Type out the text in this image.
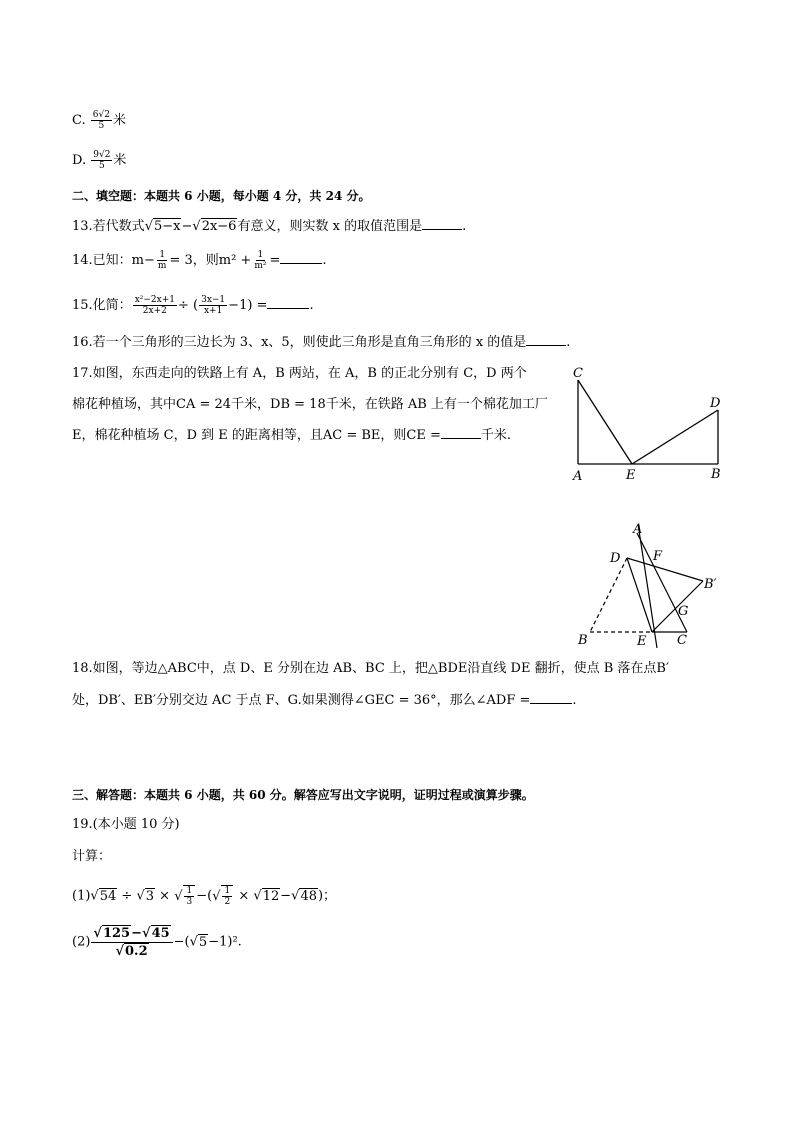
C. $\frac{6√2}{5}$ 米
D. $\frac{9√2}{5}$ 米
二、填空题：本题共 6 小题，每小题 4 分，共 24 分。
13.若代数式√5−x−√2x−6有意义，则实数 x 的取值范围是	.
14.已知：$m- \frac{1}{m} = 3$，则$m^2 + \frac{1}{\text{m²}}$ =	.
15.化简： $\frac{\text{x²−2x+1}}{2x+2}$ ÷ ( $\frac{3x-1}{x+1} -1$) =	.
16.若一个三角形的三边长为 3、x、5，则使此三角形是直角三角形的 x 的值是	.
17.如图，东西走向的铁路上有 A，B 两站，在 A，B 的正北分别有 C，D 两个
棉花种植场，其中CA = 24千米，DB = 18千米，在铁路 AB 上有一个棉花加工厂
E，棉花种植场 C，D 到 E 的距离相等，且AC = BE，则CE =	千米.
C
D
A	E	B
A
D	F
B′
G
B	E C
18.如图，等边△ABC中，点 D、E 分别在边 AB、BC 上，把△BDE沿直线 DE 翻折，使点 B 落在点B′
处，DB′、EB′分别交边 AC 于点 F、G.如果测得∠GEC = 36°，那么∠ADF =	.
三、解答题：本题共 6 小题，共 60 分。解答应写出文字说明，证明过程或演算步骤。
19.(本小题 10 分)
计算：
(1)√54 ÷ √3 × √ $\frac{1}{3}$ −(√ $\frac{1}{2} \times √12-√48$)；
$(2) \frac{√125-√45}{√0.2} -(√5-1)^2$.
